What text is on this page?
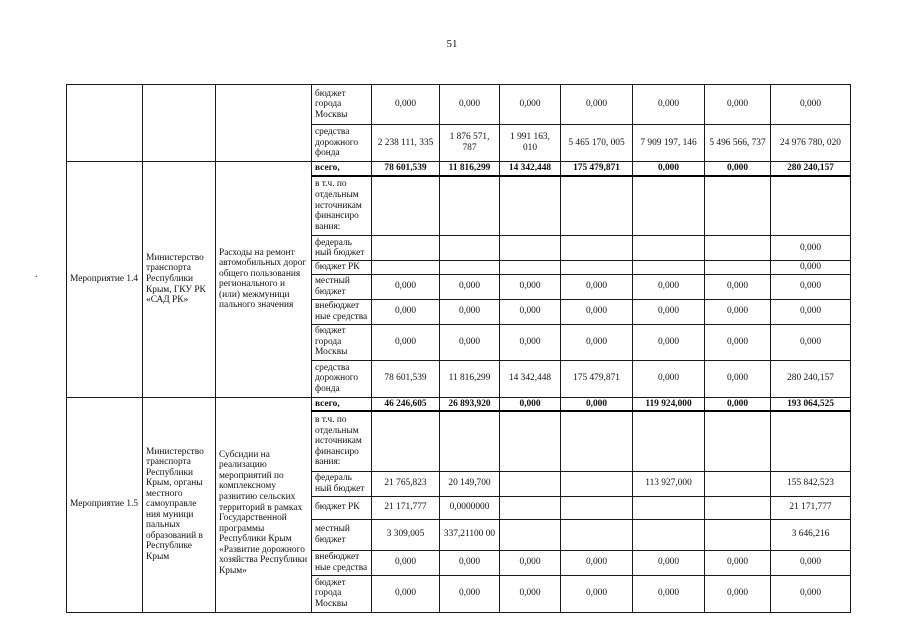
51
.
			бюджет города Москвы	0,000	0,000	0,000	0,000	0,000	0,000	0,000
			средства дорожного фонда	2 238 111, 335	1 876 571, 787	1 991 163, 010	5 465 170, 005	7 909 197, 146	5 496 566, 737	24 976 780, 020
Мероприятие 1.4	Министерство транспорта Республики Крым, ГКУ РК «САД РК»	Расходы на ремонт автомобильных дорог общего пользования регионального и (или) межмуници пального значения	всего,	78 601,539	11 816,299	14 342,448	175 479,871	0,000	0,000	280 240,157
			в т.ч. по отдельным источникам финансиро вания:							
			федераль ный бюджет							0,000
			бюджет РК							0,000
			местный бюджет	0,000	0,000	0,000	0,000	0,000	0,000	0,000
			внебюджет ные средства	0,000	0,000	0,000	0,000	0,000	0,000	0,000
			бюджет города Москвы	0,000	0,000	0,000	0,000	0,000	0,000	0,000
			средства дорожного фонда	78 601,539	11 816,299	14 342,448	175 479,871	0,000	0,000	280 240,157
Мероприятие 1.5	Министерство транспорта Республики Крым, органы местного самоуправле ния муници пальных образований в Республике Крым	Субсидии на реализацию мероприятий по комплексному развитию сельских территорий в рамках Государственной программы Республики Крым «Развитие дорожного хозяйства Республики Крым»	всего,	46 246,605	26 893,920	0,000	0,000	119 924,000	0,000	193 064,525
			в т.ч. по отдельным источникам финансиро вания:							
			федераль ный бюджет	21 765,823	20 149,700			113 927,000		155 842,523
			бюджет РК	21 171,777	0,0000000					21 171,777
			местный бюджет	3 309,005	337,21100 00					3 646,216
			внебюджет ные средства	0,000	0,000	0,000	0,000	0,000	0,000	0,000
			бюджет города Москвы	0,000	0,000	0,000	0,000	0,000	0,000	0,000
